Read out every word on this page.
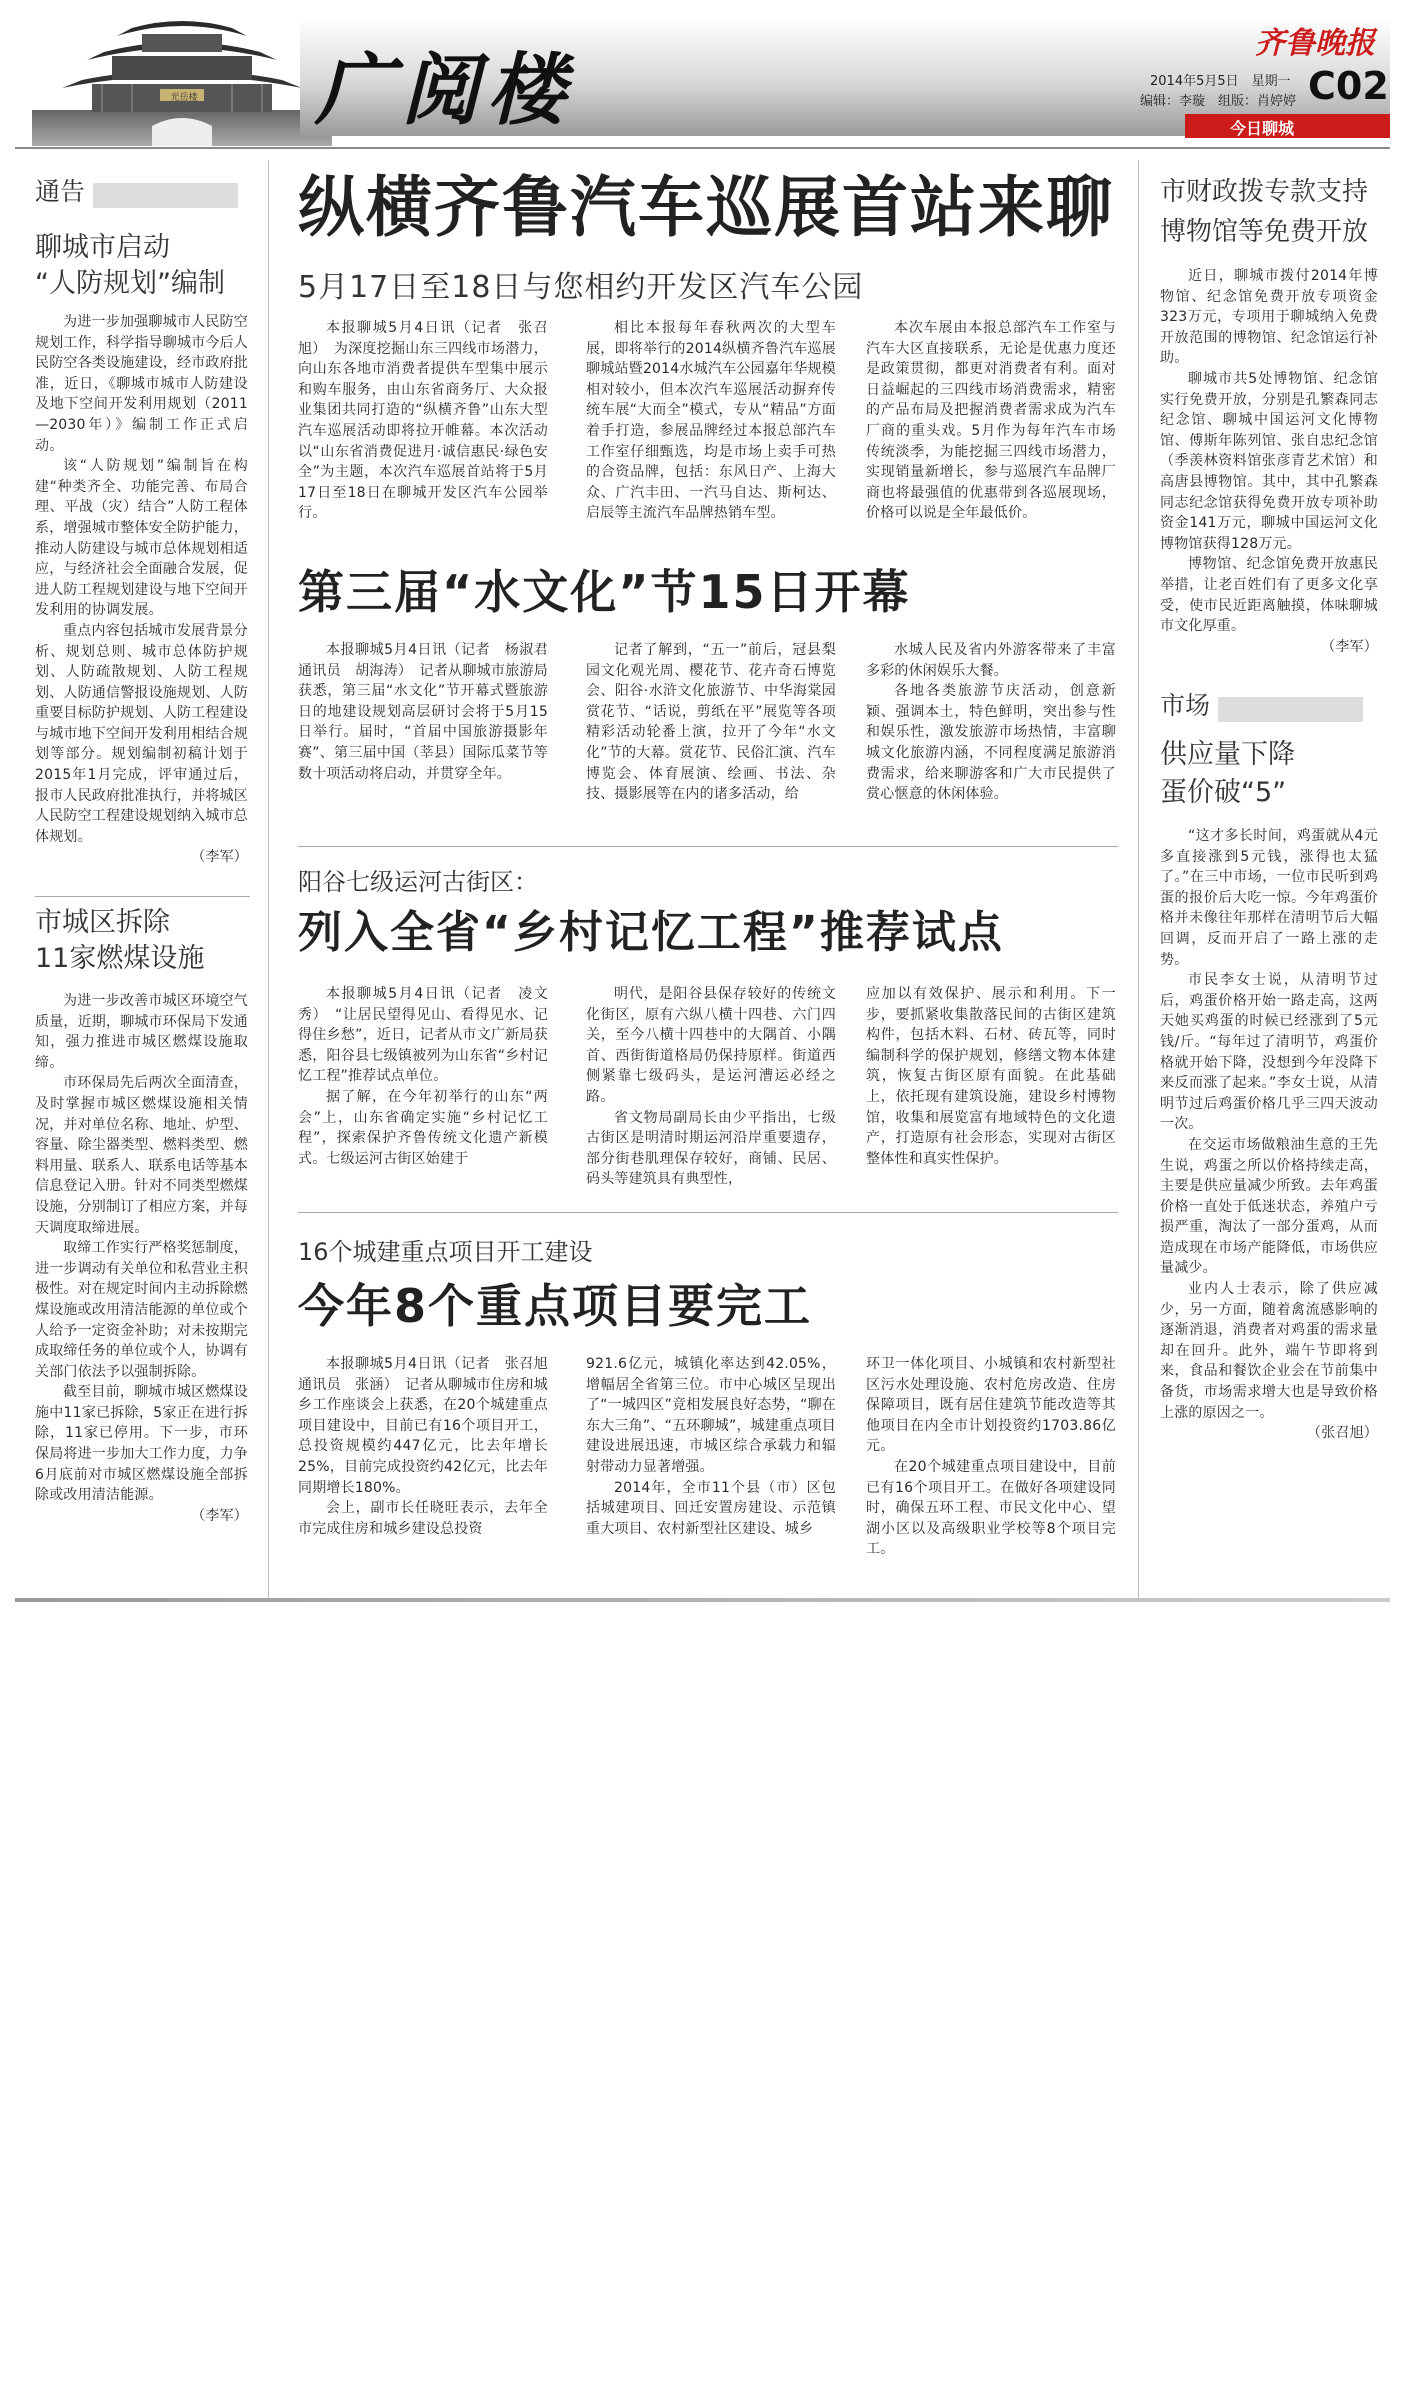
光岳楼 广阅楼
齐鲁晚报
2014年5月5日　星期一
编辑：李璇　组版：肖婷婷 C02
今日聊城
通告
聊城市启动
“人防规划”编制

为进一步加强聊城市人民防空规划工作，科学指导聊城市今后人民防空各类设施建设，经市政府批准，近日，《聊城市城市人防建设及地下空间开发利用规划（2011—2030年）》编制工作正式启动。

该“人防规划”编制旨在构建“种类齐全、功能完善、布局合理、平战（灾）结合”人防工程体系，增强城市整体安全防护能力，推动人防建设与城市总体规划相适应，与经济社会全面融合发展，促进人防工程规划建设与地下空间开发利用的协调发展。

重点内容包括城市发展背景分析、规划总则、城市总体防护规划、人防疏散规划、人防工程规划、人防通信警报设施规划、人防重要目标防护规划、人防工程建设与城市地下空间开发利用相结合规划等部分。规划编制初稿计划于2015年1月完成，评审通过后，报市人民政府批准执行，并将城区人民防空工程建设规划纳入城市总体规划。

（李军）
市城区拆除
11家燃煤设施

为进一步改善市城区环境空气质量，近期，聊城市环保局下发通知，强力推进市城区燃煤设施取缔。

市环保局先后两次全面清查，及时掌握市城区燃煤设施相关情况，并对单位名称、地址、炉型、容量、除尘器类型、燃料类型、燃料用量、联系人、联系电话等基本信息登记入册。针对不同类型燃煤设施，分别制订了相应方案，并每天调度取缔进展。

取缔工作实行严格奖惩制度，进一步调动有关单位和私营业主积极性。对在规定时间内主动拆除燃煤设施或改用清洁能源的单位或个人给予一定资金补助；对未按期完成取缔任务的单位或个人，协调有关部门依法予以强制拆除。

截至目前，聊城市城区燃煤设施中11家已拆除，5家正在进行拆除，11家已停用。下一步，市环保局将进一步加大工作力度，力争6月底前对市城区燃煤设施全部拆除或改用清洁能源。

（李军）
纵横齐鲁汽车巡展首站来聊
5月17日至18日与您相约开发区汽车公园

本报聊城5月4日讯（记者　张召旭）　为深度挖掘山东三四线市场潜力，向山东各地市消费者提供车型集中展示和购车服务，由山东省商务厅、大众报业集团共同打造的“纵横齐鲁”山东大型汽车巡展活动即将拉开帷幕。本次活动以“山东省消费促进月·诚信惠民·绿色安全”为主题，本次汽车巡展首站将于5月17日至18日在聊城开发区汽车公园举行。

相比本报每年春秋两次的大型车展，即将举行的2014纵横齐鲁汽车巡展聊城站暨2014水城汽车公园嘉年华规模相对较小，但本次汽车巡展活动摒弃传统车展“大而全”模式，专从“精品”方面着手打造，参展品牌经过本报总部汽车工作室仔细甄选，均是市场上卖手可热的合资品牌，包括：东风日产、上海大众、广汽丰田、一汽马自达、斯柯达、启辰等主流汽车品牌热销车型。

本次车展由本报总部汽车工作室与汽车大区直接联系，无论是优惠力度还是政策贯彻，都更对消费者有利。面对日益崛起的三四线市场消费需求，精密的产品布局及把握消费者需求成为汽车厂商的重头戏。5月作为每年汽车市场传统淡季，为能挖掘三四线市场潜力，实现销量新增长，参与巡展汽车品牌厂商也将最强值的优惠带到各巡展现场，价格可以说是全年最低价。

第三届“水文化”节15日开幕

本报聊城5月4日讯（记者　杨淑君　通讯员　胡海涛）　记者从聊城市旅游局获悉，第三届“水文化”节开幕式暨旅游日的地建设规划高层研讨会将于5月15日举行。届时，“首届中国旅游摄影年赛”、第三届中国（莘县）国际瓜菜节等数十项活动将启动，并贯穿全年。

记者了解到，“五一”前后，冠县梨园文化观光周、樱花节、花卉奇石博览会、阳谷·水浒文化旅游节、中华海棠园赏花节、“话说，剪纸在平”展览等各项精彩活动轮番上演，拉开了今年“水文化”节的大幕。赏花节、民俗汇演、汽车博览会、体育展演、绘画、书法、杂技、摄影展等在内的诸多活动，给

水城人民及省内外游客带来了丰富多彩的休闲娱乐大餐。

各地各类旅游节庆活动，创意新颖、强调本土，特色鲜明，突出参与性和娱乐性，激发旅游市场热情，丰富聊城文化旅游内涵，不同程度满足旅游消费需求，给来聊游客和广大市民提供了赏心惬意的休闲体验。

阳谷七级运河古街区：
列入全省“乡村记忆工程”推荐试点

本报聊城5月4日讯（记者　凌文秀）　“让居民望得见山、看得见水、记得住乡愁”，近日，记者从市文广新局获悉，阳谷县七级镇被列为山东省“乡村记忆工程”推荐试点单位。

据了解，在今年初举行的山东“两会”上，山东省确定实施“乡村记忆工程”，探索保护齐鲁传统文化遗产新模式。七级运河古街区始建于

明代，是阳谷县保存较好的传统文化街区，原有六纵八横十四巷、六门四关，至今八横十四巷中的大隅首、小隅首、西街街道格局仍保持原样。街道西侧紧靠七级码头，是运河漕运必经之路。

省文物局副局长由少平指出，七级古街区是明清时期运河沿岸重要遗存，部分街巷肌理保存较好，商铺、民居、码头等建筑具有典型性，

应加以有效保护、展示和利用。下一步，要抓紧收集散落民间的古街区建筑构件，包括木料、石材、砖瓦等，同时编制科学的保护规划，修缮文物本体建筑，恢复古街区原有面貌。在此基础上，依托现有建筑设施，建设乡村博物馆，收集和展览富有地域特色的文化遗产，打造原有社会形态，实现对古街区整体性和真实性保护。

16个城建重点项目开工建设
今年8个重点项目要完工

本报聊城5月4日讯（记者　张召旭　通讯员　张涵）　记者从聊城市住房和城乡工作座谈会上获悉，在20个城建重点项目建设中，目前已有16个项目开工，总投资规模约447亿元，比去年增长25%，目前完成投资约42亿元，比去年同期增长180%。

会上，副市长任晓旺表示，去年全市完成住房和城乡建设总投资

921.6亿元，城镇化率达到42.05%，增幅居全省第三位。市中心城区呈现出了“一城四区”竞相发展良好态势，“聊在东大三角”、“五环聊城”，城建重点项目建设进展迅速，市城区综合承载力和辐射带动力显著增强。

2014年，全市11个县（市）区包括城建项目、回迁安置房建设、示范镇重大项目、农村新型社区建设、城乡

环卫一体化项目、小城镇和农村新型社区污水处理设施、农村危房改造、住房保障项目，既有居住建筑节能改造等其他项目在内全市计划投资约1703.86亿元。

在20个城建重点项目建设中，目前已有16个项目开工。在做好各项建设同时，确保五环工程、市民文化中心、望湖小区以及高级职业学校等8个项目完工。

市财政拨专款支持
博物馆等免费开放

近日，聊城市拨付2014年博物馆、纪念馆免费开放专项资金323万元，专项用于聊城纳入免费开放范围的博物馆、纪念馆运行补助。

聊城市共5处博物馆、纪念馆实行免费开放，分别是孔繁森同志纪念馆、聊城中国运河文化博物馆、傅斯年陈列馆、张自忠纪念馆（季羡林资料馆张彦青艺术馆）和高唐县博物馆。其中，其中孔繁森同志纪念馆获得免费开放专项补助资金141万元，聊城中国运河文化博物馆获得128万元。

博物馆、纪念馆免费开放惠民举措，让老百姓们有了更多文化享受，使市民近距离触摸，体味聊城市文化厚重。

（李军）
市场
供应量下降
蛋价破“5”

“这才多长时间，鸡蛋就从4元多直接涨到5元钱，涨得也太猛了。”在三中市场，一位市民听到鸡蛋的报价后大吃一惊。今年鸡蛋价格并未像往年那样在清明节后大幅回调，反而开启了一路上涨的走势。

市民李女士说，从清明节过后，鸡蛋价格开始一路走高，这两天她买鸡蛋的时候已经涨到了5元钱/斤。“每年过了清明节，鸡蛋价格就开始下降，没想到今年没降下来反而涨了起来。”李女士说，从清明节过后鸡蛋价格几乎三四天波动一次。

在交运市场做粮油生意的王先生说，鸡蛋之所以价格持续走高，主要是供应量减少所致。去年鸡蛋价格一直处于低迷状态，养殖户亏损严重，淘汰了一部分蛋鸡，从而造成现在市场产能降低，市场供应量减少。

业内人士表示，除了供应减少，另一方面，随着禽流感影响的逐渐消退，消费者对鸡蛋的需求量却在回升。此外，端午节即将到来，食品和餐饮企业会在节前集中备货，市场需求增大也是导致价格上涨的原因之一。

（张召旭）
